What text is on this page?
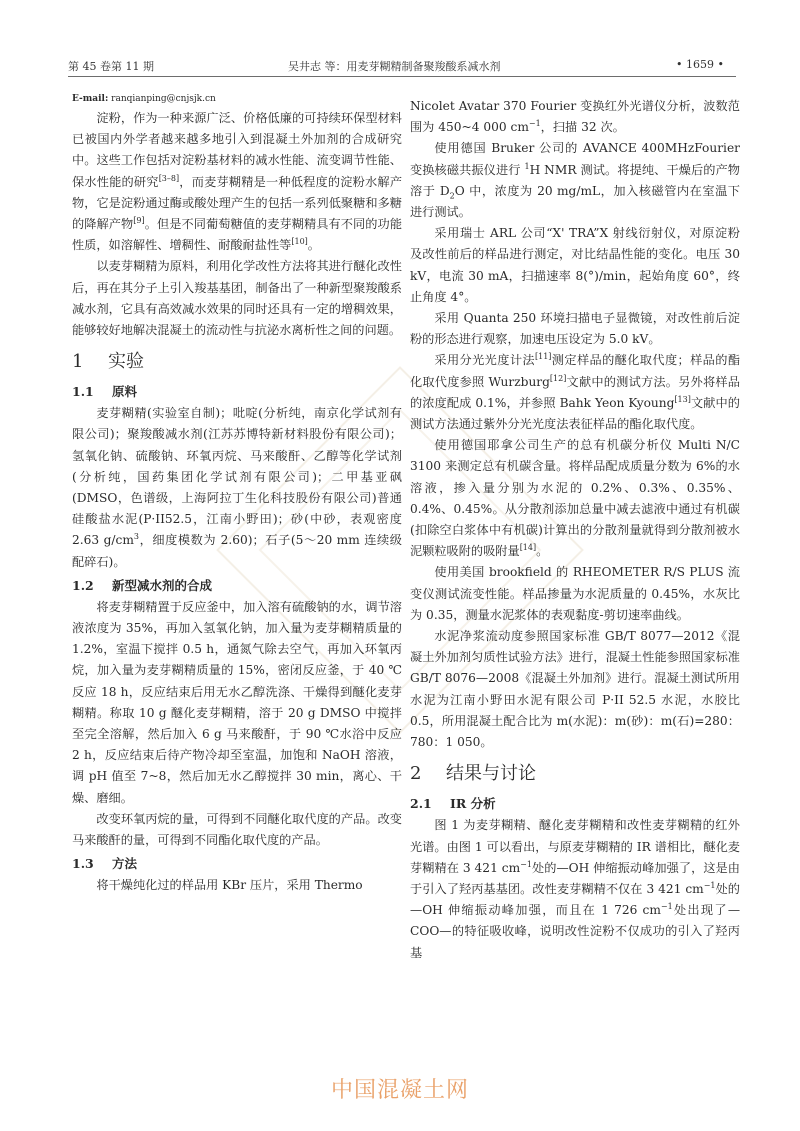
第 45 卷第 11 期	吴井志 等：用麦芽糊精制备聚羧酸系减水剂	• 1659 •
E-mail: ranqianping@cnjsjk.cn

淀粉，作为一种来源广泛、价格低廉的可持续环保型材料已被国内外学者越来越多地引入到混凝土外加剂的合成研究中。这些工作包括对淀粉基材料的减水性能、流变调节性能、保水性能的研究[3–8]，而麦芽糊精是一种低程度的淀粉水解产物，它是淀粉通过酶或酸处理产生的包括一系列低聚糖和多糖的降解产物[9]。但是不同葡萄糖值的麦芽糊精具有不同的功能性质，如溶解性、增稠性、耐酸耐盐性等[10]。

以麦芽糊精为原料，利用化学改性方法将其进行醚化改性后，再在其分子上引入羧基基团，制备出了一种新型聚羧酸系减水剂，它具有高效减水效果的同时还具有一定的增稠效果，能够较好地解决混凝土的流动性与抗泌水离析性之间的问题。

1 实验
1.1 原料

麦芽糊精(实验室自制)；吡啶(分析纯，南京化学试剂有限公司)；聚羧酸减水剂(江苏苏博特新材料股份有限公司)；氢氧化钠、硫酸钠、环氧丙烷、马来酸酐、乙醇等化学试剂(分析纯，国药集团化学试剂有限公司)；二甲基亚砜(DMSO，色谱级，上海阿拉丁生化科技股份有限公司)普通硅酸盐水泥(P·II52.5，江南小野田)；砂(中砂，表观密度 2.63 $g/cm^3$，细度模数为 2.60)；石子(5～20 mm 连续级配碎石)。

1.2 新型减水剂的合成

将麦芽糊精置于反应釜中，加入溶有硫酸钠的水，调节溶液浓度为 35%，再加入氢氧化钠，加入量为麦芽糊精质量的 1.2%，室温下搅拌 0.5 h，通氮气除去空气，再加入环氧丙烷，加入量为麦芽糊精质量的 15%，密闭反应釜，于 40 ℃反应 18 h，反应结束后用无水乙醇洗涤、干燥得到醚化麦芽糊精。称取 10 g 醚化麦芽糊精，溶于 20 g DMSO 中搅拌至完全溶解，然后加入 6 g 马来酸酐，于 90 ℃水浴中反应 2 h，反应结束后待产物冷却至室温，加饱和 NaOH 溶液，调 pH 值至 7~8，然后加无水乙醇搅拌 30 min，离心、干燥、磨细。

改变环氧丙烷的量，可得到不同醚化取代度的产品。改变马来酸酐的量，可得到不同酯化取代度的产品。

1.3 方法

将干燥纯化过的样品用 KBr 压片，采用 Thermo

Nicolet Avatar 370 Fourier 变换红外光谱仪分析，波数范围为 450~4 000 $cm^{-1}$，扫描 32 次。

使用德国 Bruker 公司的 AVANCE 400MHzFourier 变换核磁共振仪进行 $^1$H NMR 测试。将提纯、干燥后的产物溶于 $D_2O$ 中，浓度为 20 mg/mL，加入核磁管内在室温下进行测试。

采用瑞士 ARL 公司“X' TRA”X 射线衍射仪，对原淀粉及改性前后的样品进行测定，对比结晶性能的变化。电压 30 kV，电流 30 mA，扫描速率 8(°)/min，起始角度 60°，终止角度 4°。

采用 Quanta 250 环境扫描电子显微镜，对改性前后淀粉的形态进行观察，加速电压设定为 5.0 kV。

采用分光光度计法[11]测定样品的醚化取代度；样品的酯化取代度参照 Wurzburg[12]文献中的测试方法。另外将样品的浓度配成 0.1%，并参照 Bahk Yeon Kyoung[13]文献中的测试方法通过紫外分光光度法表征样品的酯化取代度。

使用德国耶拿公司生产的总有机碳分析仪 Multi N/C 3100 来测定总有机碳含量。将样品配成质量分数为 6%的水溶液，掺入量分别为水泥的 0.2%、0.3%、0.35%、0.4%、0.45%。从分散剂添加总量中减去滤液中通过有机碳(扣除空白浆体中有机碳)计算出的分散剂量就得到分散剂被水泥颗粒吸附的吸附量[14]。

使用美国 brookfield 的 RHEOMETER R/S PLUS 流变仪测试流变性能。样品掺量为水泥质量的 0.45%，水灰比为 0.35，测量水泥浆体的表观黏度-剪切速率曲线。

水泥净浆流动度参照国家标准 GB/T 8077—2012《混凝土外加剂匀质性试验方法》进行，混凝土性能参照国家标准 GB/T 8076—2008《混凝土外加剂》进行。混凝土测试所用水泥为江南小野田水泥有限公司 P·II 52.5 水泥，水胶比 0.5，所用混凝土配合比为 m(水泥)：m(砂)：m(石)=280：780：1 050。

2 结果与讨论
2.1 IR 分析

图 1 为麦芽糊精、醚化麦芽糊精和改性麦芽糊精的红外光谱。由图 1 可以看出，与原麦芽糊精的 IR 谱相比，醚化麦芽糊精在 3 421 $cm^{-1}$处的—OH 伸缩振动峰加强了，这是由于引入了羟丙基基团。改性麦芽糊精不仅在 3 421 $cm^{-1}$处的—OH 伸缩振动峰加强，而且在 1 726 $cm^{-1}$处出现了—COO—的特征吸收峰，说明改性淀粉不仅成功的引入了羟丙基

中国混凝土网
